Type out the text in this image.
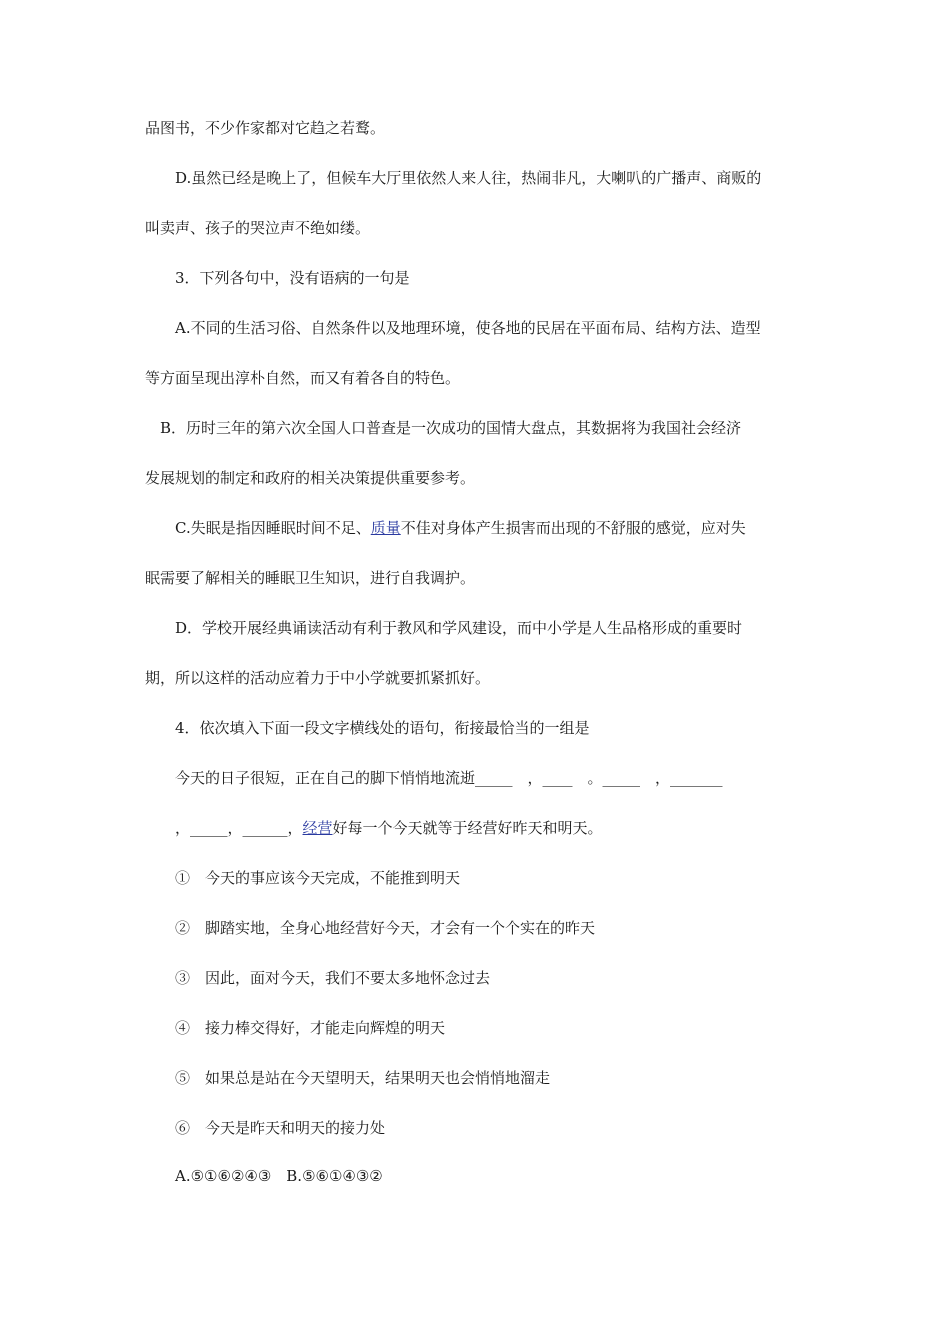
品图书，不少作家都对它趋之若鹜。

D.虽然已经是晚上了，但候车大厅里依然人来人往，热闹非凡，大喇叭的广播声、商贩的

叫卖声、孩子的哭泣声不绝如缕。

3．下列各句中，没有语病的一句是

A.不同的生活习俗、自然条件以及地理环境，使各地的民居在平面布局、结构方法、造型

等方面呈现出淳朴自然，而又有着各自的特色。

B．历时三年的第六次全国人口普查是一次成功的国情大盘点，其数据将为我国社会经济

发展规划的制定和政府的相关决策提供重要参考。

C.失眠是指因睡眠时间不足、质量不佳对身体产生损害而出现的不舒服的感觉，应对失

眠需要了解相关的睡眠卫生知识，进行自我调护。

D．学校开展经典诵读活动有利于教风和学风建设，而中小学是人生品格形成的重要时

期，所以这样的活动应着力于中小学就要抓紧抓好。

4．依次填入下面一段文字横线处的语句，衔接最恰当的一组是

今天的日子很短，正在自己的脚下悄悄地流逝_____　，____　。_____　，_______

，_____，______，经营好每一个今天就等于经营好昨天和明天。

①　今天的事应该今天完成，不能推到明天

②　脚踏实地，全身心地经营好今天，才会有一个个实在的昨天

③　因此，面对今天，我们不要太多地怀念过去

④　接力棒交得好，才能走向辉煌的明天

⑤　如果总是站在今天望明天，结果明天也会悄悄地溜走

⑥　今天是昨天和明天的接力处

A.⑤①⑥②④③　B.⑤⑥①④③②
